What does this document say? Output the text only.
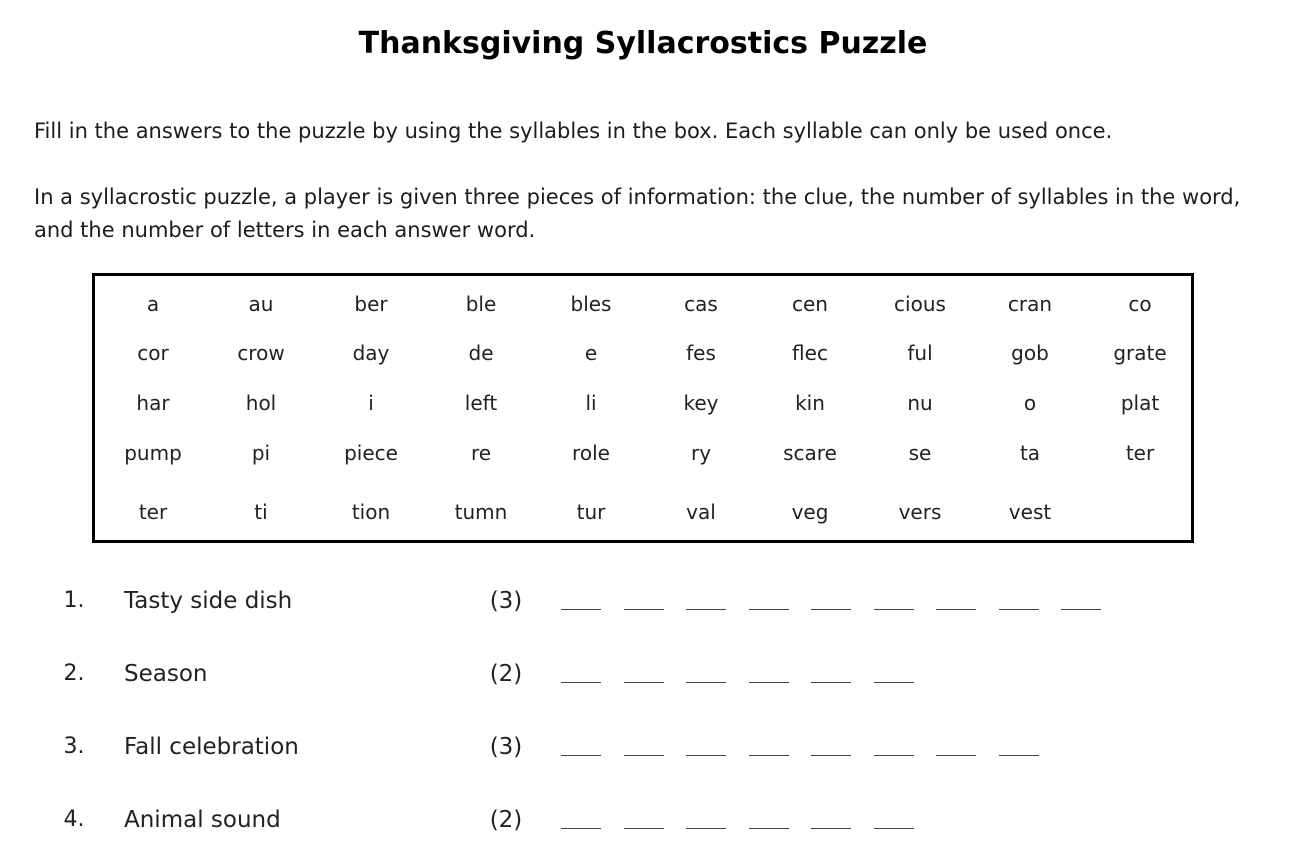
Thanksgiving Syllacrostics Puzzle
Fill in the answers to the puzzle by using the syllables in the box. Each syllable can only be used once.
In a syllacrostic puzzle, a player is given three pieces of information: the clue, the number of syllables in the word, and the number of letters in each answer word.
a	au	ber	ble	bles	cas	cen	cious	cran	co
cor	crow	day	de	e	fes	flec	ful	gob	grate
har	hol	i	left	li	key	kin	nu	o	plat
pump	pi	piece	re	role	ry	scare	se	ta	ter
ter	ti	tion	tumn	tur	val	veg	vers	vest
1.	Tasty side dish	(3)
2.	Season	(2)
3.	Fall celebration	(3)
4.	Animal sound	(2)
